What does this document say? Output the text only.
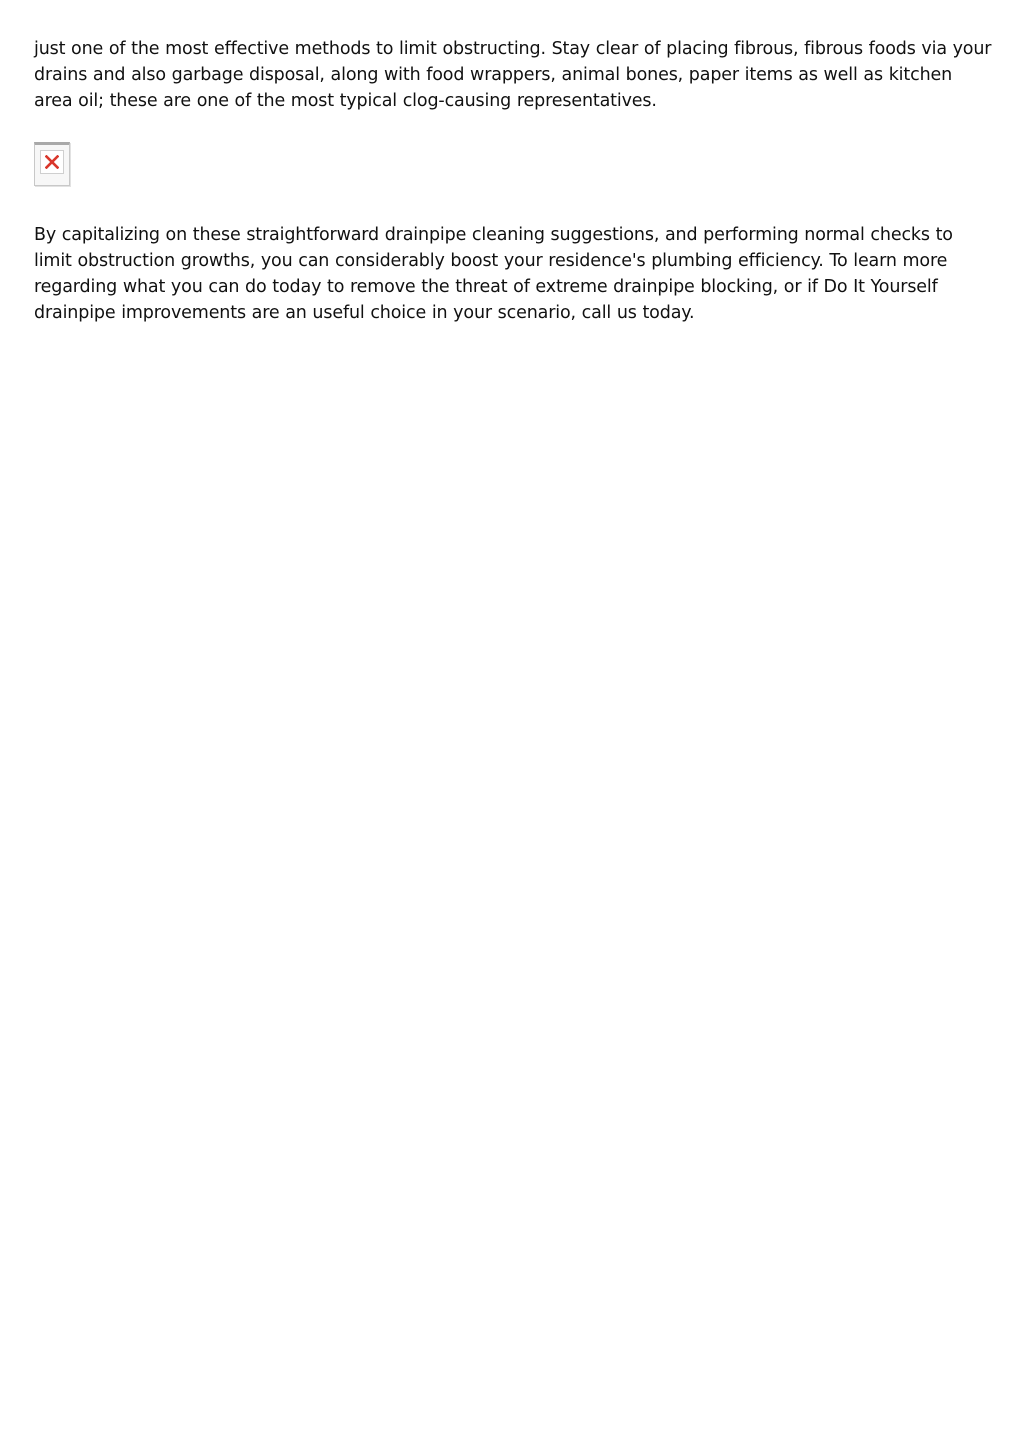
just one of the most effective methods to limit obstructing. Stay clear of placing fibrous, fibrous foods via your drains and also garbage disposal, along with food wrappers, animal bones, paper items as well as kitchen area oil; these are one of the most typical clog-causing representatives.

By capitalizing on these straightforward drainpipe cleaning suggestions, and performing normal checks to limit obstruction growths, you can considerably boost your residence's plumbing efficiency. To learn more regarding what you can do today to remove the threat of extreme drainpipe blocking, or if Do It Yourself drainpipe improvements are an useful choice in your scenario, call us today.
